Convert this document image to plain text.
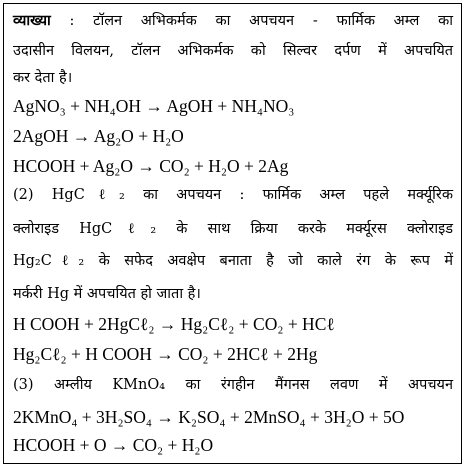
व्याख्या : टॉलन अभिकर्मक का अपचयन - फार्मिक अम्ल का
उदासीन विलयन, टॉलन अभिकर्मक को सिल्वर दर्पण में अपचयित
कर देता है।
AgNO₃ + NH₄OH → AgOH + NH₄NO₃
2AgOH → Ag₂O + H₂O
HCOOH + Ag₂O → CO₂ + H₂O + 2Ag
(2) HgCℓ₂ का अपचयन : फार्मिक अम्ल पहले मर्क्यूरिक
क्लोराइड HgCℓ₂ के साथ क्रिया करके मर्क्यूरस क्लोराइड
Hg₂Cℓ₂ के सफेद अवक्षेप बनाता है जो काले रंग के रूप में
मर्करी Hg में अपचयित हो जाता है।
H COOH + 2HgCℓ₂ → Hg₂Cℓ₂ + CO₂ + HCℓ
Hg₂Cℓ₂ + H COOH → CO₂ + 2HCℓ + 2Hg
(3) अम्लीय KMnO₄ का रंगहीन मैंगनस लवण में अपचयन
2KMnO₄ + 3H₂SO₄ → K₂SO₄ + 2MnSO₄ + 3H₂O + 5O
HCOOH + O → CO₂ + H₂O
